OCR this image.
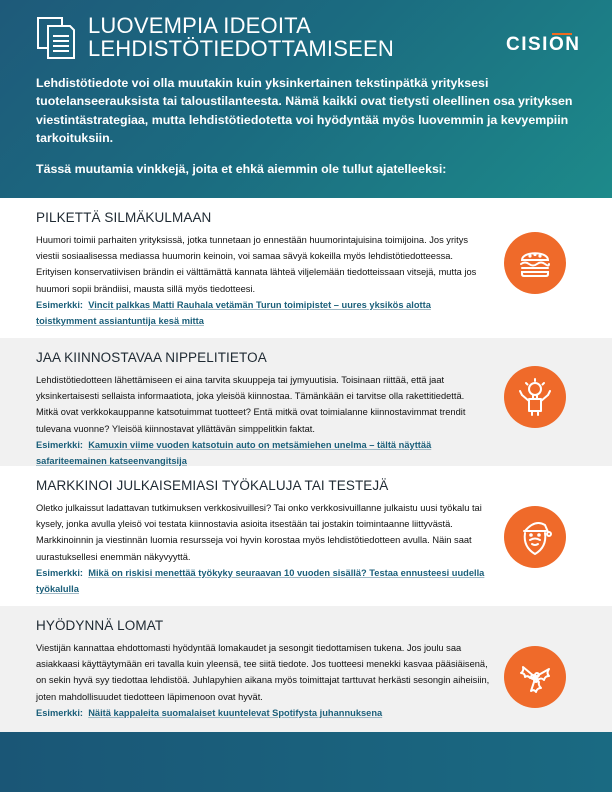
LUOVEMPIA IDEOITA
LEHDISTÖTIEDOTTAMISEEN	CISION

Lehdistötiedote voi olla muutakin kuin yksinkertainen tekstinpätkä yrityksesi tuotelanseerauksista tai taloustilanteesta. Nämä kaikki ovat tietysti oleellinen osa yrityksen viestintästrategiaa, mutta lehdistötiedotetta voi hyödyntää myös luovemmin ja kevyempiin tarkoituksiin.

Tässä muutamia vinkkejä, joita et ehkä aiemmin ole tullut ajatelleeksi:

PILKETTÄ SILMÄKULMAAN

Huumori toimii parhaiten yrityksissä, jotka tunnetaan jo ennestään huumorintajuisina toimijoina. Jos yritys viestii sosiaalisessa mediassa huumorin keinoin, voi samaa sävyä kokeilla myös lehdistötiedotteessa. Erityisen konservatiivisen brändin ei välttämättä kannata lähteä viljelemään tiedotteissaan vitsejä, mutta jos huumori sopii brändiisi, mausta sillä myös tiedotteesi.
Esimerkki: Vincit palkkas Matti Rauhala vetämän Turun toimipistet – uures yksikös alotta toistkymment assiantuntija kesä mitta

JAA KIINNOSTAVAA NIPPELITIETOA

Lehdistötiedotteen lähettämiseen ei aina tarvita skuuppeja tai jymyuutisia. Toisinaan riittää, että jaat yksinkertaisesti sellaista informaatiota, joka yleisöä kiinnostaa. Tämänkään ei tarvitse olla rakettitiedettä. Mitkä ovat verkkokauppanne katsotuimmat tuotteet? Entä mitkä ovat toimialanne kiinnostavimmat trendit tulevana vuonne? Yleisöä kiinnostavat yllättävän simppelitkin faktat.
Esimerkki: Kamuxin viime vuoden katsotuin auto on metsämiehen unelma – tältä näyttää safariteemainen katseenvangitsija

MARKKINOI JULKAISEMIASI TYÖKALUJA TAI TESTEJÄ

Oletko julkaissut ladattavan tutkimuksen verkkosivuillesi? Tai onko verkkosivuillanne julkaistu uusi työkalu tai kysely, jonka avulla yleisö voi testata kiinnostavia asioita itsestään tai jostakin toimintaanne liittyvästä. Markkinoinnin ja viestinnän luomia resursseja voi hyvin korostaa myös lehdistötiedotteen avulla. Näin saat uurastuksellesi enemmän näkyvyyttä.
Esimerkki: Mikä on riskisi menettää työkyky seuraavan 10 vuoden sisällä? Testaa ennusteesi uudella työkalulla

HYÖDYNNÄ LOMAT

Viestijän kannattaa ehdottomasti hyödyntää lomakaudet ja sesongit tiedottamisen tukena. Jos joulu saa asiakkaasi käyttäytymään eri tavalla kuin yleensä, tee siitä tiedote. Jos tuotteesi menekki kasvaa pääsiäisenä, on sekin hyvä syy tiedottaa lehdistöä. Juhlapyhien aikana myös toimittajat tarttuvat herkästi sesongin aiheisiin, joten mahdollisuudet tiedotteen läpimenoon ovat hyvät.
Esimerkki: Näitä kappaleita suomalaiset kuuntelevat Spotifysta juhannuksena
